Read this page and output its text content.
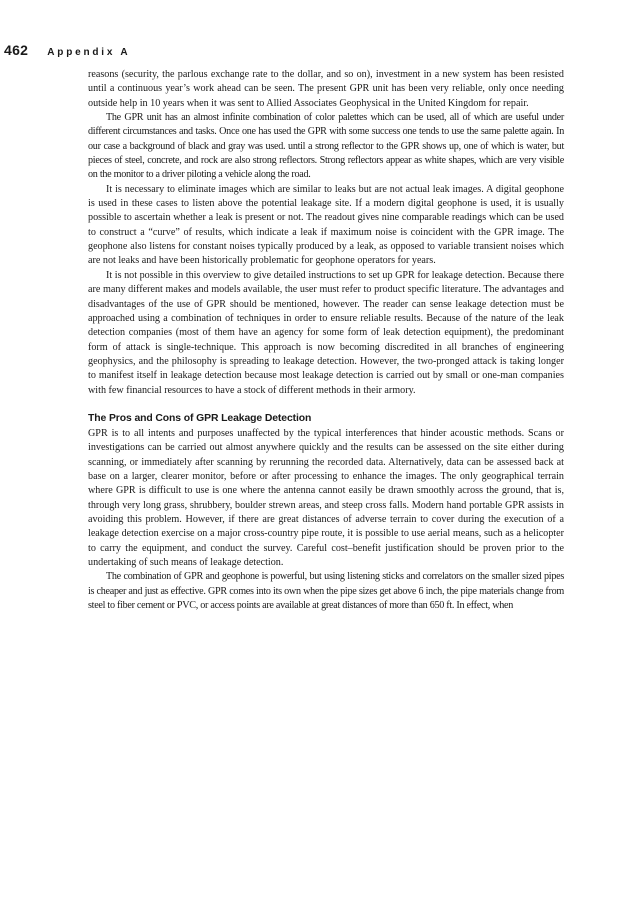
462 Appendix A

reasons (security, the parlous exchange rate to the dollar, and so on), investment in a new system has been resisted until a continuous year’s work ahead can be seen. The present GPR unit has been very reliable, only once needing outside help in 10 years when it was sent to Allied Associates Geophysical in the United Kingdom for repair.

The GPR unit has an almost infinite combination of color palettes which can be used, all of which are useful under different circumstances and tasks. Once one has used the GPR with some success one tends to use the same palette again. In our case a background of black and gray was used. until a strong reflector to the GPR shows up, one of which is water, but pieces of steel, concrete, and rock are also strong reflectors. Strong reflectors appear as white shapes, which are very visible on the monitor to a driver piloting a vehicle along the road.

It is necessary to eliminate images which are similar to leaks but are not actual leak images. A digital geophone is used in these cases to listen above the potential leakage site. If a modern digital geophone is used, it is usually possible to ascertain whether a leak is present or not. The readout gives nine comparable readings which can be used to construct a “curve” of results, which indicate a leak if maximum noise is coincident with the GPR image. The geophone also listens for constant noises typically produced by a leak, as opposed to variable transient noises which are not leaks and have been historically problematic for geophone operators for years.

It is not possible in this overview to give detailed instructions to set up GPR for leakage detection. Because there are many different makes and models available, the user must refer to product specific literature. The advantages and disadvantages of the use of GPR should be mentioned, however. The reader can sense leakage detection must be approached using a combination of techniques in order to ensure reliable results. Because of the nature of the leak detection companies (most of them have an agency for some form of leak detection equipment), the predominant form of attack is single-technique. This approach is now becoming discredited in all branches of engineering geophysics, and the philosophy is spreading to leakage detection. However, the two-pronged attack is taking longer to manifest itself in leakage detection because most leakage detection is carried out by small or one-man companies with few financial resources to have a stock of different methods in their armory.

The Pros and Cons of GPR Leakage Detection

GPR is to all intents and purposes unaffected by the typical interferences that hinder acoustic methods. Scans or investigations can be carried out almost anywhere quickly and the results can be assessed on the site either during scanning, or immediately after scanning by rerunning the recorded data. Alternatively, data can be assessed back at base on a larger, clearer monitor, before or after processing to enhance the images. The only geographical terrain where GPR is difficult to use is one where the antenna cannot easily be drawn smoothly across the ground, that is, through very long grass, shrubbery, boulder strewn areas, and steep cross falls. Modern hand portable GPR assists in avoiding this problem. However, if there are great distances of adverse terrain to cover during the execution of a leakage detection exercise on a major cross-country pipe route, it is possible to use aerial means, such as a helicopter to carry the equipment, and conduct the survey. Careful cost–benefit justification should be proven prior to the undertaking of such means of leakage detection.

The combination of GPR and geophone is powerful, but using listening sticks and correlators on the smaller sized pipes is cheaper and just as effective. GPR comes into its own when the pipe sizes get above 6 inch, the pipe materials change from steel to fiber cement or PVC, or access points are available at great distances of more than 650 ft. In effect, when
